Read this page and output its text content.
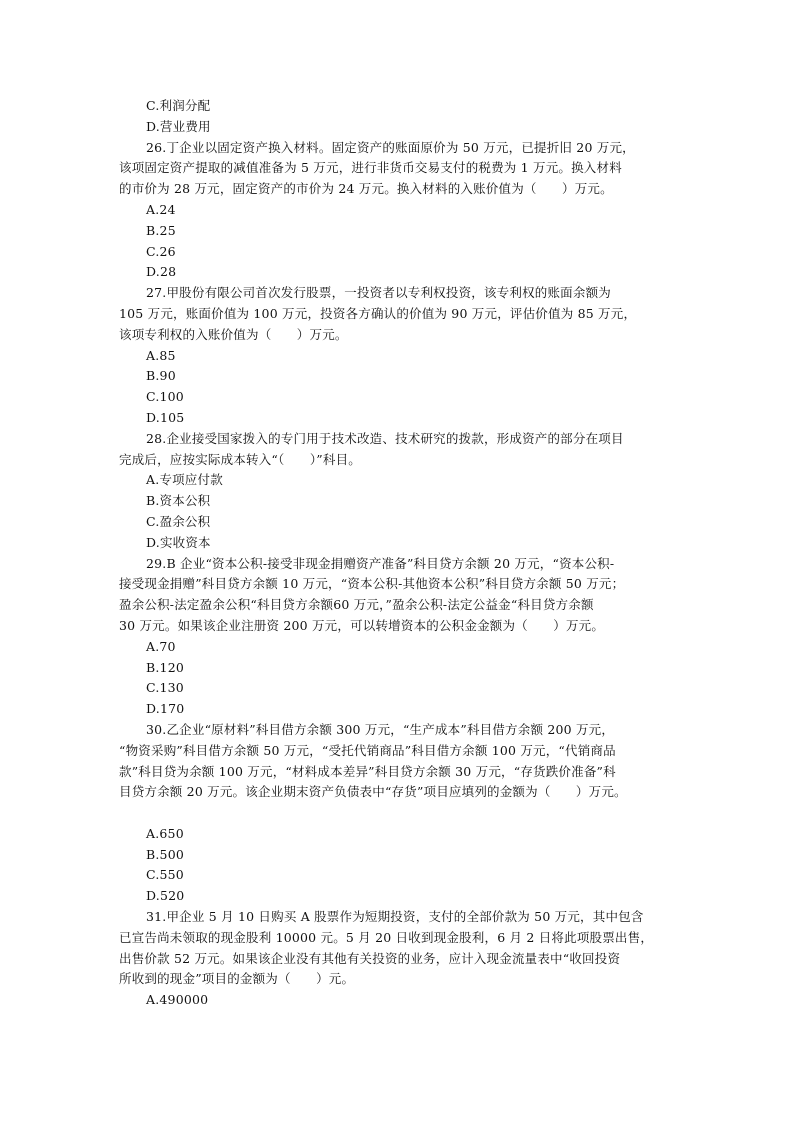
C.利润分配
D.营业费用
26.丁企业以固定资产换入材料。固定资产的账面原价为 50 万元，已提折旧 20 万元，
该项固定资产提取的减值准备为 5 万元，进行非货币交易支付的税费为 1 万元。换入材料
的市价为 28 万元，固定资产的市价为 24 万元。换入材料的入账价值为（　　）万元。
A.24
B.25
C.26
D.28
27.甲股份有限公司首次发行股票，一投资者以专利权投资，该专利权的账面余额为
105 万元，账面价值为 100 万元，投资各方确认的价值为 90 万元，评估价值为 85 万元，
该项专利权的入账价值为（　　）万元。
A.85
B.90
C.100
D.105
28.企业接受国家拨入的专门用于技术改造、技术研究的拨款，形成资产的部分在项目
完成后，应按实际成本转入“（　　）”科目。
A.专项应付款
B.资本公积
C.盈余公积
D.实收资本
29.B 企业“资本公积-接受非现金捐赠资产准备”科目贷方余额 20 万元，“资本公积-
接受现金捐赠”科目贷方余额 10 万元，“资本公积-其他资本公积”科目贷方余额 50 万元；
盈余公积-法定盈余公积“科目贷方余额60 万元，”盈余公积-法定公益金“科目贷方余额
30 万元。如果该企业注册资 200 万元，可以转增资本的公积金金额为（　　）万元。
A.70
B.120
C.130
D.170
30.乙企业“原材料”科目借方余额 300 万元，“生产成本”科目借方余额 200 万元，
“物资采购”科目借方余额 50 万元，“受托代销商品”科目借方余额 100 万元，“代销商品
款”科目贷为余额 100 万元，“材料成本差异”科目贷方余额 30 万元，“存货跌价准备”科
目贷方余额 20 万元。该企业期末资产负债表中“存货”项目应填列的金额为（　　）万元。
A.650
B.500
C.550
D.520
31.甲企业 5 月 10 日购买 A 股票作为短期投资，支付的全部价款为 50 万元，其中包含
已宣告尚未领取的现金股利 10000 元。5 月 20 日收到现金股利，6 月 2 日将此项股票出售，
出售价款 52 万元。如果该企业没有其他有关投资的业务，应计入现金流量表中“收回投资
所收到的现金”项目的金额为（　　）元。
A.490000
